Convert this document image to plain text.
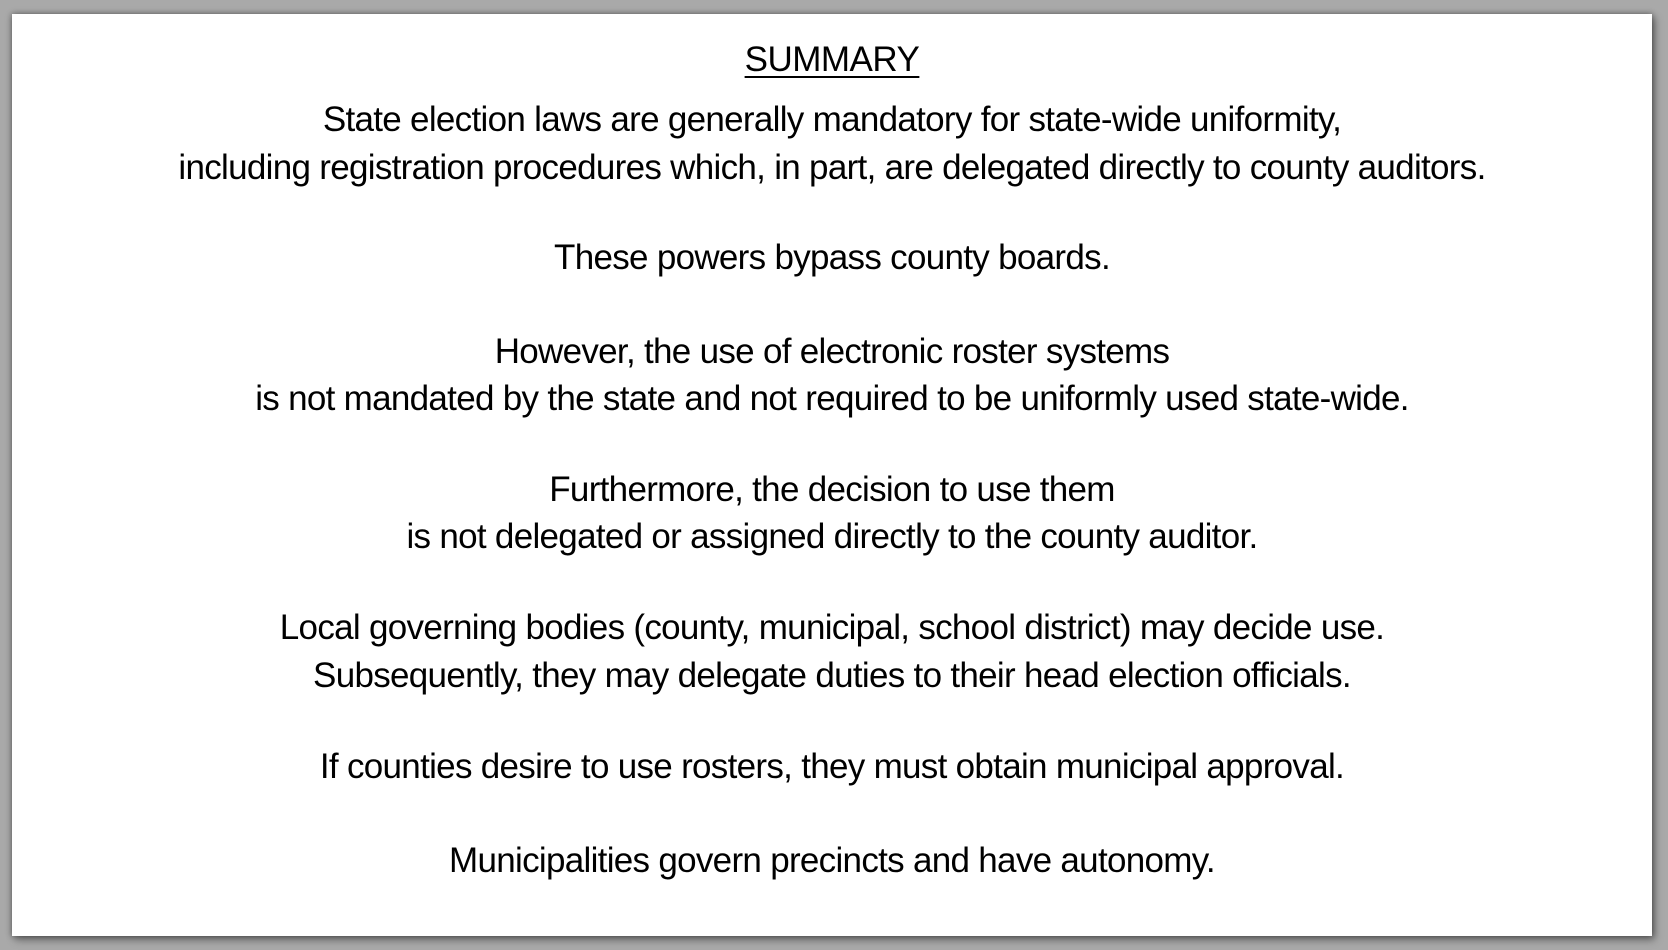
SUMMARY
State election laws are generally mandatory for state-wide uniformity,
including registration procedures which, in part, are delegated directly to county auditors.
These powers bypass county boards.
However, the use of electronic roster systems
is not mandated by the state and not required to be uniformly used state-wide.
Furthermore, the decision to use them
is not delegated or assigned directly to the county auditor.
Local governing bodies (county, municipal, school district) may decide use.
Subsequently, they may delegate duties to their head election officials.
If counties desire to use rosters, they must obtain municipal approval.
Municipalities govern precincts and have autonomy.
